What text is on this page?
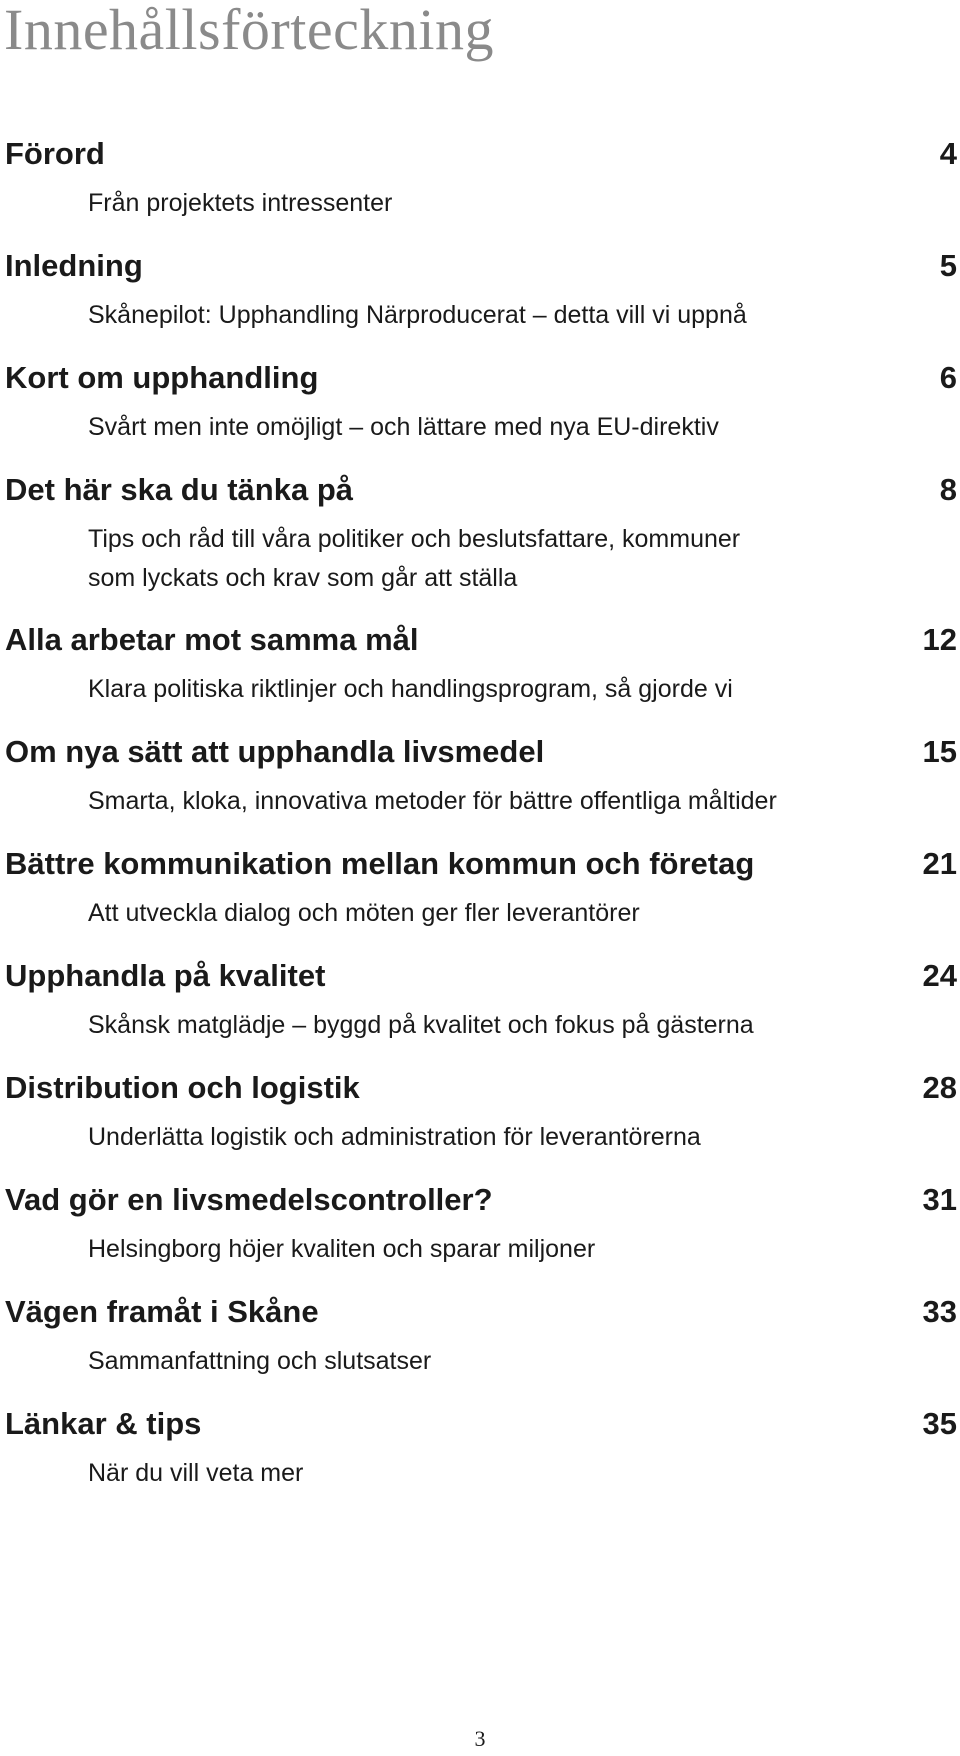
Innehållsförteckning
Förord	4
Från projektets intressenter
Inledning	5
Skånepilot: Upphandling Närproducerat – detta vill vi uppnå
Kort om upphandling	6
Svårt men inte omöjligt – och lättare med nya EU-direktiv
Det här ska du tänka på	8
Tips och råd till våra politiker och beslutsfattare, kommuner som lyckats och krav som går att ställa
Alla arbetar mot samma mål	12
Klara politiska riktlinjer och handlingsprogram, så gjorde vi
Om nya sätt att upphandla livsmedel	15
Smarta, kloka, innovativa metoder för bättre offentliga måltider
Bättre kommunikation mellan kommun och företag	21
Att utveckla dialog och möten ger fler leverantörer
Upphandla på kvalitet	24
Skånsk matglädje – byggd på kvalitet och fokus på gästerna
Distribution och logistik	28
Underlätta logistik och administration för leverantörerna
Vad gör en livsmedelscontroller?	31
Helsingborg höjer kvaliten och sparar miljoner
Vägen framåt i Skåne	33
Sammanfattning och slutsatser
Länkar & tips	35
När du vill veta mer
3
